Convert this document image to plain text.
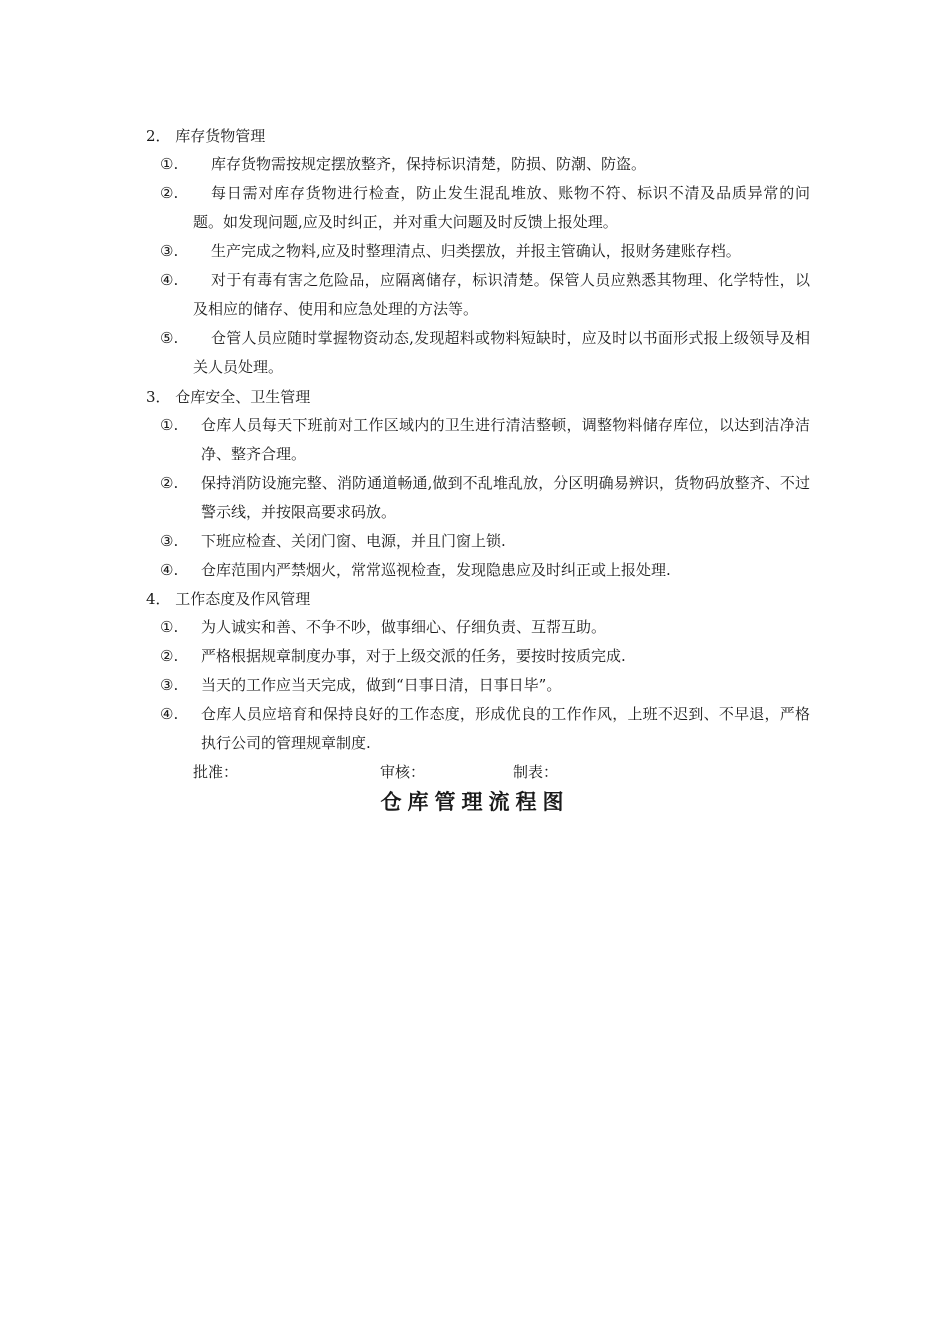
2． 库存货物管理
①.	库存货物需按规定摆放整齐，保持标识清楚，防损、防潮、防盗。
②.	每日需对库存货物进行检查，防止发生混乱堆放、账物不符、标识不清及品质异常的问题。如发现问题,应及时纠正，并对重大问题及时反馈上报处理。
③.	生产完成之物料,应及时整理清点、归类摆放，并报主管确认，报财务建账存档。
④.	对于有毒有害之危险品，应隔离储存，标识清楚。保管人员应熟悉其物理、化学特性，以及相应的储存、使用和应急处理的方法等。
⑤.	仓管人员应随时掌握物资动态,发现超料或物料短缺时，应及时以书面形式报上级领导及相关人员处理。
3． 仓库安全、卫生管理
①. 仓库人员每天下班前对工作区域内的卫生进行清洁整顿，调整物料储存库位，以达到洁净洁净、整齐合理。
②. 保持消防设施完整、消防通道畅通,做到不乱堆乱放，分区明确易辨识，货物码放整齐、不过警示线，并按限高要求码放。
③. 下班应检查、关闭门窗、电源，并且门窗上锁.
④. 仓库范围内严禁烟火，常常巡视检查，发现隐患应及时纠正或上报处理.
4． 工作态度及作风管理
①. 为人诚实和善、不争不吵，做事细心、仔细负责、互帮互助。
②. 严格根据规章制度办事，对于上级交派的任务，要按时按质完成.
③. 当天的工作应当天完成，做到“日事日清，日事日毕”。
④. 仓库人员应培育和保持良好的工作态度，形成优良的工作作风，上班不迟到、不早退，严格执行公司的管理规章制度.
批准：	审核：	制表：
仓库管理流程图
